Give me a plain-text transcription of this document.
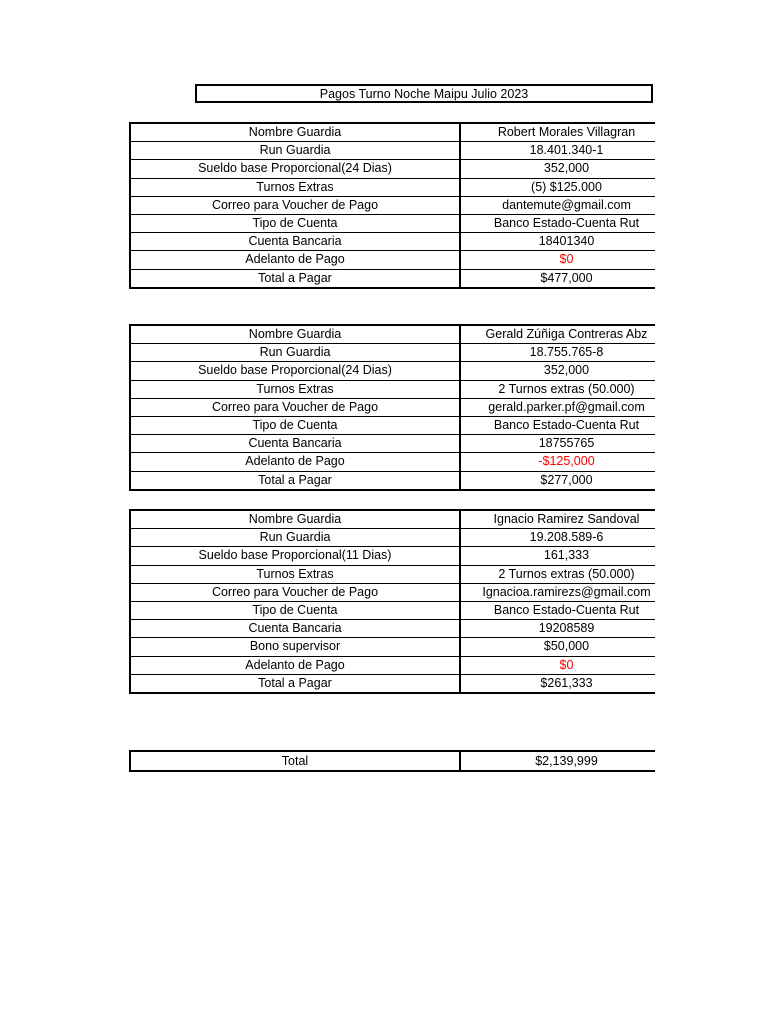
Pagos Turno Noche Maipu Julio 2023
Nombre Guardia	Robert Morales Villagran
Run Guardia	18.401.340-1
Sueldo base Proporcional(24 Dias)	352,000
Turnos Extras	(5) $125.000
Correo para Voucher de Pago	dantemute@gmail.com
Tipo de Cuenta	Banco Estado-Cuenta Rut
Cuenta Bancaria	18401340
Adelanto de Pago	$0
Total a Pagar	$477,000
Nombre Guardia	Gerald Zúñiga Contreras Abz
Run Guardia	18.755.765-8
Sueldo base Proporcional(24 Dias)	352,000
Turnos Extras	2 Turnos extras (50.000)
Correo para Voucher de Pago	gerald.parker.pf@gmail.com
Tipo de Cuenta	Banco Estado-Cuenta Rut
Cuenta Bancaria	18755765
Adelanto de Pago	-$125,000
Total a Pagar	$277,000
Nombre Guardia	Ignacio Ramirez Sandoval
Run Guardia	19.208.589-6
Sueldo base Proporcional(11 Dias)	161,333
Turnos Extras	2 Turnos extras (50.000)
Correo para Voucher de Pago	Ignacioa.ramirezs@gmail.com
Tipo de Cuenta	Banco Estado-Cuenta Rut
Cuenta Bancaria	19208589
Bono supervisor	$50,000
Adelanto de Pago	$0
Total a Pagar	$261,333
Total	$2,139,999
